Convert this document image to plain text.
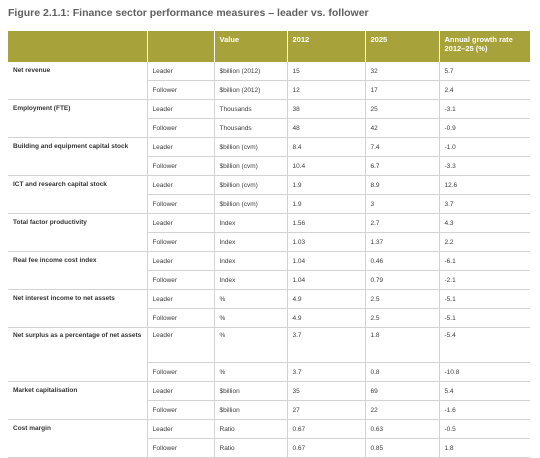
Figure 2.1.1: Finance sector performance measures – leader vs. follower
		Value	2012	2025	Annual growth rate 2012–25 (%)
Net revenue	Leader	$billion (2012)	15	32	5.7
	Follower	$billion (2012)	12	17	2.4
Employment (FTE)	Leader	Thousands	38	25	-3.1
	Follower	Thousands	48	42	-0.9
Building and equipment capital stock	Leader	$billion (cvm)	8.4	7.4	-1.0
	Follower	$billion (cvm)	10.4	6.7	-3.3
ICT and research capital stock	Leader	$billion (cvm)	1.9	8.9	12.6
	Follower	$billion (cvm)	1.9	3	3.7
Total factor productivity	Leader	Index	1.56	2.7	4.3
	Follower	Index	1.03	1.37	2.2
Real fee income cost index	Leader	Index	1.04	0.46	-6.1
	Follower	Index	1.04	0.79	-2.1
Net interest income to net assets	Leader	%	4.9	2.5	-5.1
	Follower	%	4.9	2.5	-5.1
Net surplus as a percentage of net assets	Leader	%	3.7	1.8	-5.4
	Follower	%	3.7	0.8	-10.8
Market capitalisation	Leader	$billion	35	69	5.4
	Follower	$billion	27	22	-1.6
Cost margin	Leader	Ratio	0.67	0.63	-0.5
	Follower	Ratio	0.67	0.85	1.8
